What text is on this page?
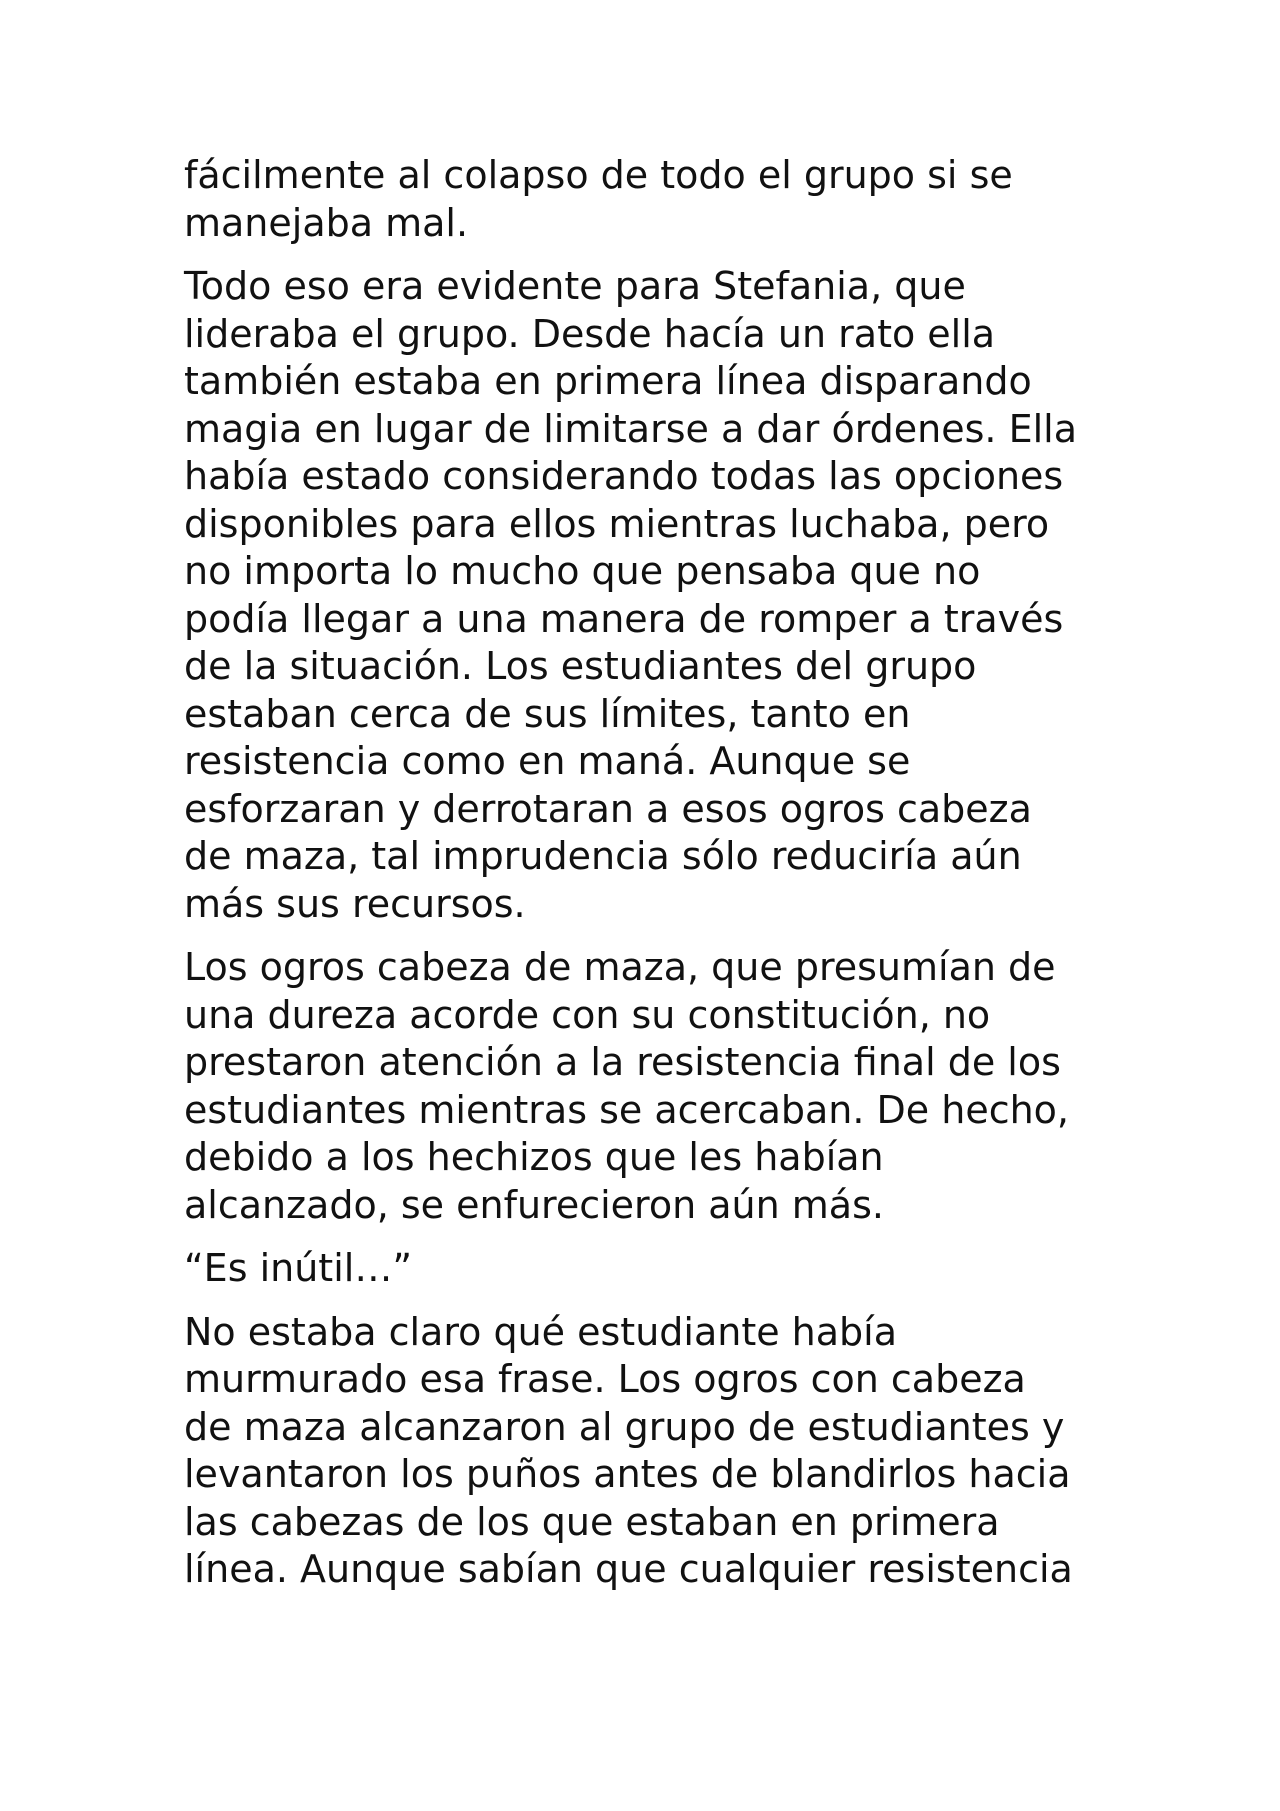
fácilmente al colapso de todo el grupo si se
manejaba mal.
Todo eso era evidente para Stefania, que
lideraba el grupo. Desde hacía un rato ella
también estaba en primera línea disparando
magia en lugar de limitarse a dar órdenes. Ella
había estado considerando todas las opciones
disponibles para ellos mientras luchaba, pero
no importa lo mucho que pensaba que no
podía llegar a una manera de romper a través
de la situación. Los estudiantes del grupo
estaban cerca de sus límites, tanto en
resistencia como en maná. Aunque se
esforzaran y derrotaran a esos ogros cabeza
de maza, tal imprudencia sólo reduciría aún
más sus recursos.
Los ogros cabeza de maza, que presumían de
una dureza acorde con su constitución, no
prestaron atención a la resistencia final de los
estudiantes mientras se acercaban. De hecho,
debido a los hechizos que les habían
alcanzado, se enfurecieron aún más.
“Es inútil…”
No estaba claro qué estudiante había
murmurado esa frase. Los ogros con cabeza
de maza alcanzaron al grupo de estudiantes y
levantaron los puños antes de blandirlos hacia
las cabezas de los que estaban en primera
línea. Aunque sabían que cualquier resistencia
